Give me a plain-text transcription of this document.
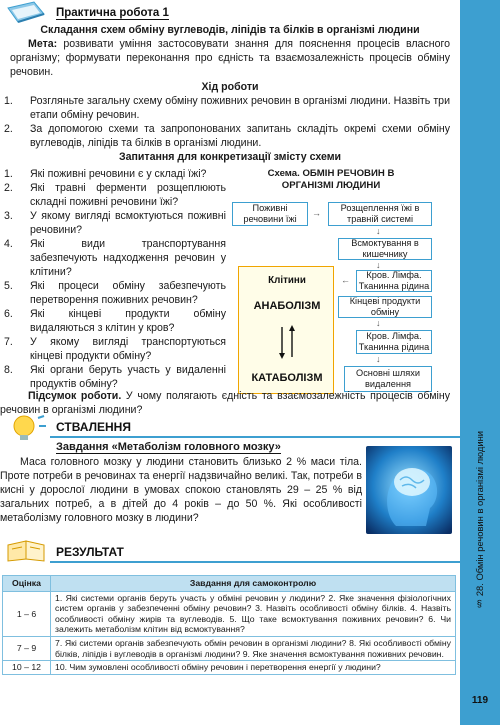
Практична робота 1
Складання схем обміну вуглеводів, ліпідів та білків в організмі людини

Мета: розвивати уміння застосовувати знання для пояснення процесів власного організму; формувати переконання про єдність та взаємозалежність процесів обміну речовин.

Хід роботи
1. Розгляньте загальну схему обміну поживних речовин в організмі людини. Назвіть три етапи обміну речовин.
2. За допомогою схеми та запропонованих запитань складіть окремі схеми обміну вуглеводів, ліпідів та білків в організмі людини.
Запитання для конкретизації змісту схеми
1. Які поживні речовини є у складі їжі?
2. Які травні ферменти розщеплюють складні поживні речовини їжі?
3. У якому вигляді всмоктуються поживні речовини?
4. Які види транспортування забезпечують надходження речовин у клітини?
5. Які процеси обміну забезпечують перетворення поживних речовин?
6. Які кінцеві продукти обміну видаляються з клітин у кров?
7. У якому вигляді транспортуються кінцеві продукти обміну?
8. Які органи беруть участь у видаленні продуктів обміну?
Схема. ОБМІН РЕЧОВИН В ОРГАНІЗМІ ЛЮДИНИ
Поживні речовини їжі
→	Розщеплення їжі в травній системі
↓
Всмоктування в кишечнику
↓
Клітини
АНАБОЛІЗМ
КАТАБОЛІЗМ
Кров. Лімфа. Тканинна рідина
←
Кінцеві продукти обміну
↓
Кров. Лімфа. Тканинна рідина
↓
Основні шляхи видалення

Підсумок роботи. У чому полягають єдність та взаємозалежність процесів обміну речовин в організмі людини?

СТВАЛЕННЯ
Завдання «Метаболізм головного мозку»

Маса головного мозку у людини становить близько 2 % маси тіла. Проте потреби в речовинах та енергії надзвичайно великі. Так, потреби в кисні у дорослої людини в умовах спокою становлять 29 – 25 % від загальних потреб, а в дітей до 4 років – до 50 %. Які особливості метаболізму головного мозку в людини?

РЕЗУЛЬТАТ
Оцінка	Завдання для самоконтролю
1 – 6	1. Які системи органів беруть участь у обміні речовин у людини? 2. Яке значення фізіологічних систем органів у забезпеченні обміну речовин? 3. Назвіть особливості обміну білків. 4. Назвіть особливості обміну жирів та вуглеводів. 5. Що таке всмоктування поживних речовин? 6. Чи залежить метаболізм клітин від всмоктування?
7 – 9	7. Які системи органів забезпечують обмін речовин в організмі людини? 8. Які особливості обміну білків, ліпідів і вуглеводів в організмі людини? 9. Яке значення всмоктування поживних речовин.
10 – 12	10. Чим зумовлені особливості обміну речовин і перетворення енергії у людини?
§ 28. Обмін речовин в організмі людини
119
